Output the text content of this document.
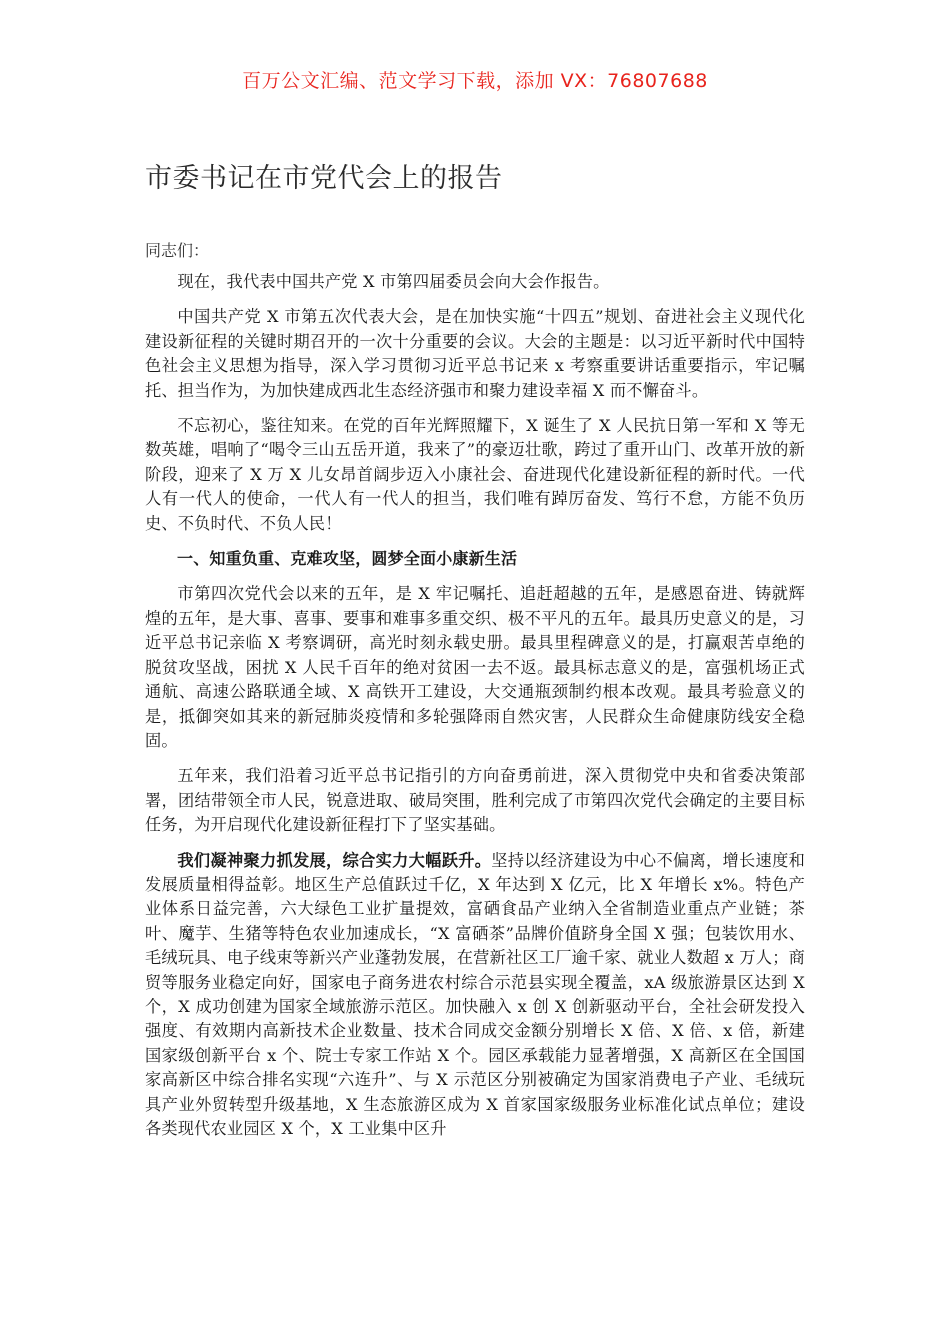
百万公文汇编、范文学习下载，添加 VX：76807688
市委书记在市党代会上的报告
同志们：

现在，我代表中国共产党 X 市第四届委员会向大会作报告。

中国共产党 X 市第五次代表大会，是在加快实施“十四五”规划、奋进社会主义现代化建设新征程的关键时期召开的一次十分重要的会议。大会的主题是：以习近平新时代中国特色社会主义思想为指导，深入学习贯彻习近平总书记来 x 考察重要讲话重要指示，牢记嘱托、担当作为，为加快建成西北生态经济强市和聚力建设幸福 X 而不懈奋斗。

不忘初心，鉴往知来。在党的百年光辉照耀下，X 诞生了 X 人民抗日第一军和 X 等无数英雄，唱响了“喝令三山五岳开道，我来了”的豪迈壮歌，跨过了重开山门、改革开放的新阶段，迎来了 X 万 X 儿女昂首阔步迈入小康社会、奋进现代化建设新征程的新时代。一代人有一代人的使命，一代人有一代人的担当，我们唯有踔厉奋发、笃行不怠，方能不负历史、不负时代、不负人民！

一、知重负重、克难攻坚，圆梦全面小康新生活

市第四次党代会以来的五年，是 X 牢记嘱托、追赶超越的五年，是感恩奋进、铸就辉煌的五年，是大事、喜事、要事和难事多重交织、极不平凡的五年。最具历史意义的是，习近平总书记亲临 X 考察调研，高光时刻永载史册。最具里程碑意义的是，打赢艰苦卓绝的脱贫攻坚战，困扰 X 人民千百年的绝对贫困一去不返。最具标志意义的是，富强机场正式通航、高速公路联通全域、X 高铁开工建设，大交通瓶颈制约根本改观。最具考验意义的是，抵御突如其来的新冠肺炎疫情和多轮强降雨自然灾害，人民群众生命健康防线安全稳固。

五年来，我们沿着习近平总书记指引的方向奋勇前进，深入贯彻党中央和省委决策部署，团结带领全市人民，锐意进取、破局突围，胜利完成了市第四次党代会确定的主要目标任务，为开启现代化建设新征程打下了坚实基础。

我们凝神聚力抓发展，综合实力大幅跃升。坚持以经济建设为中心不偏离，增长速度和发展质量相得益彰。地区生产总值跃过千亿，X 年达到 X 亿元，比 X 年增长 x%。特色产业体系日益完善，六大绿色工业扩量提效，富硒食品产业纳入全省制造业重点产业链；茶叶、魔芋、生猪等特色农业加速成长，“X 富硒茶”品牌价值跻身全国 X 强；包装饮用水、毛绒玩具、电子线束等新兴产业蓬勃发展，在营新社区工厂逾千家、就业人数超 x 万人；商贸等服务业稳定向好，国家电子商务进农村综合示范县实现全覆盖，xA 级旅游景区达到 X 个，X 成功创建为国家全域旅游示范区。加快融入 x 创 X 创新驱动平台，全社会研发投入强度、有效期内高新技术企业数量、技术合同成交金额分别增长 X 倍、X 倍、x 倍，新建国家级创新平台 x 个、院士专家工作站 X 个。园区承载能力显著增强，X 高新区在全国国家高新区中综合排名实现“六连升”、与 X 示范区分别被确定为国家消费电子产业、毛绒玩具产业外贸转型升级基地，X 生态旅游区成为 X 首家国家级服务业标准化试点单位；建设各类现代农业园区 X 个，X 工业集中区升
